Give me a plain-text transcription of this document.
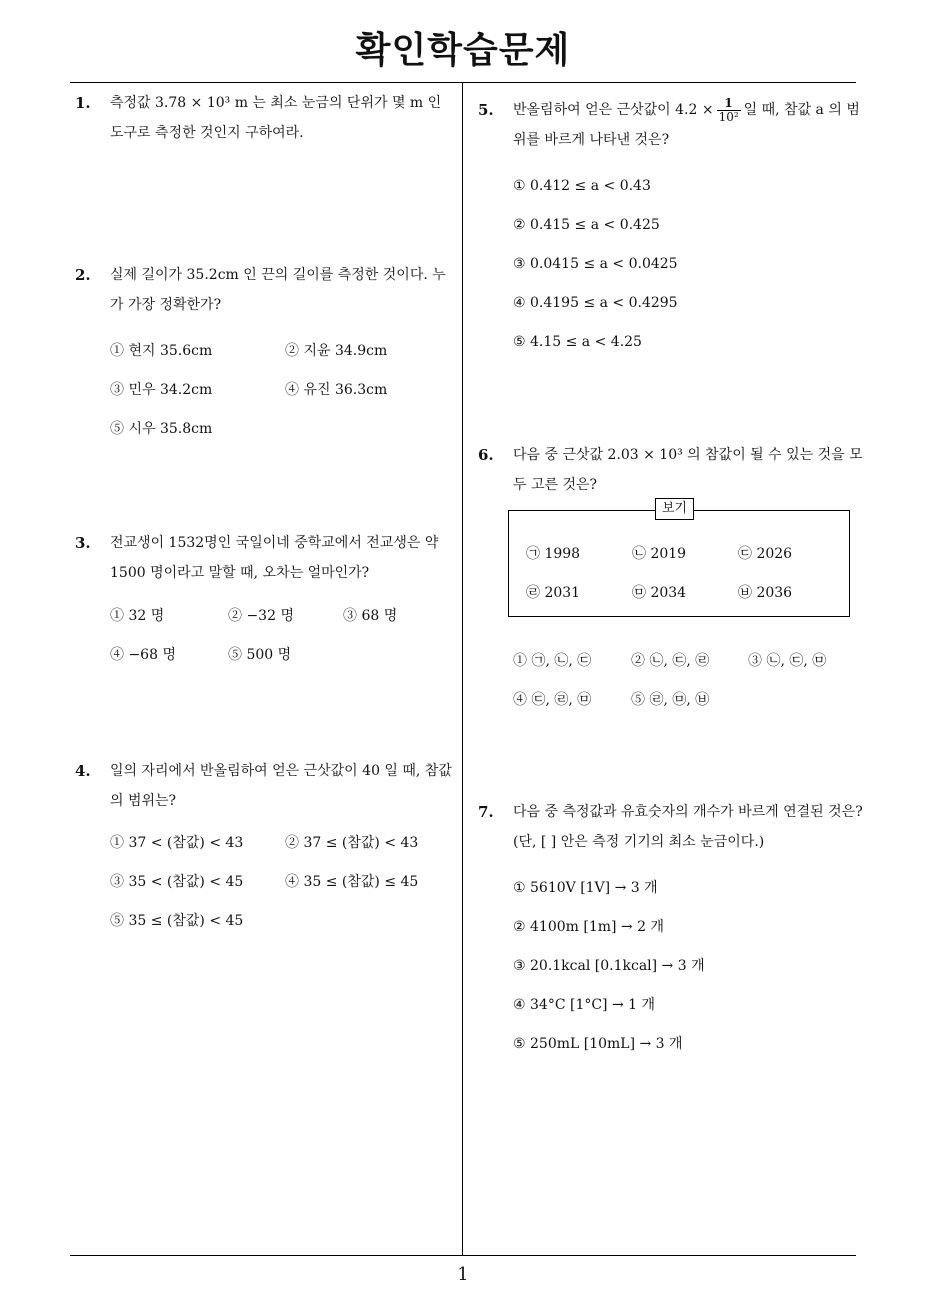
확인학습문제
1
1. 측정값 3.78 × 10³ m 는 최소 눈금의 단위가 몇 m 인 도구로 측정한 것인지 구하여라.
2. 실제 길이가 35.2cm 인 끈의 길이를 측정한 것이다. 누가 가장 정확한가?
① 현지 35.6cm	② 지윤 34.9cm
③ 민우 34.2cm	④ 유진 36.3cm
⑤ 시우 35.8cm
3. 전교생이 1532명인 국일이네 중학교에서 전교생은 약 1500 명이라고 말할 때, 오차는 얼마인가?
① 32 명	② −32 명	③ 68 명
④ −68 명	⑤ 500 명
4. 일의 자리에서 반올림하여 얻은 근삿값이 40 일 때, 참값의 범위는?
① 37 < (참값) < 43	② 37 ≤ (참값) < 43
③ 35 < (참값) < 45	④ 35 ≤ (참값) ≤ 45
⑤ 35 ≤ (참값) < 45
5. 반올림하여 얻은 근삿값이 $4.2 \times \frac{1}{\text{10²}}$ 일 때, 참값 a 의 범위를 바르게 나타낸 것은?
① 0.412 ≤ a < 0.43
② 0.415 ≤ a < 0.425
③ 0.0415 ≤ a < 0.0425
④ 0.4195 ≤ a < 0.4295
⑤ 4.15 ≤ a < 4.25
6. 다음 중 근삿값 2.03 × 10³ 의 참값이 될 수 있는 것을 모두 고른 것은?
보기
㉠ 1998	㉡ 2019	㉢ 2026
㉣ 2031	㉤ 2034	㉥ 2036
① ㉠, ㉡, ㉢	② ㉡, ㉢, ㉣	③ ㉡, ㉢, ㉤
④ ㉢, ㉣, ㉤	⑤ ㉣, ㉤, ㉥
7. 다음 중 측정값과 유효숫자의 개수가 바르게 연결된 것은? (단, [ ] 안은 측정 기기의 최소 눈금이다.)
① 5610V [1V] → 3 개
② 4100m [1m] → 2 개
③ 20.1kcal [0.1kcal] → 3 개
④ 34°C [1°C] → 1 개
⑤ 250mL [10mL] → 3 개
